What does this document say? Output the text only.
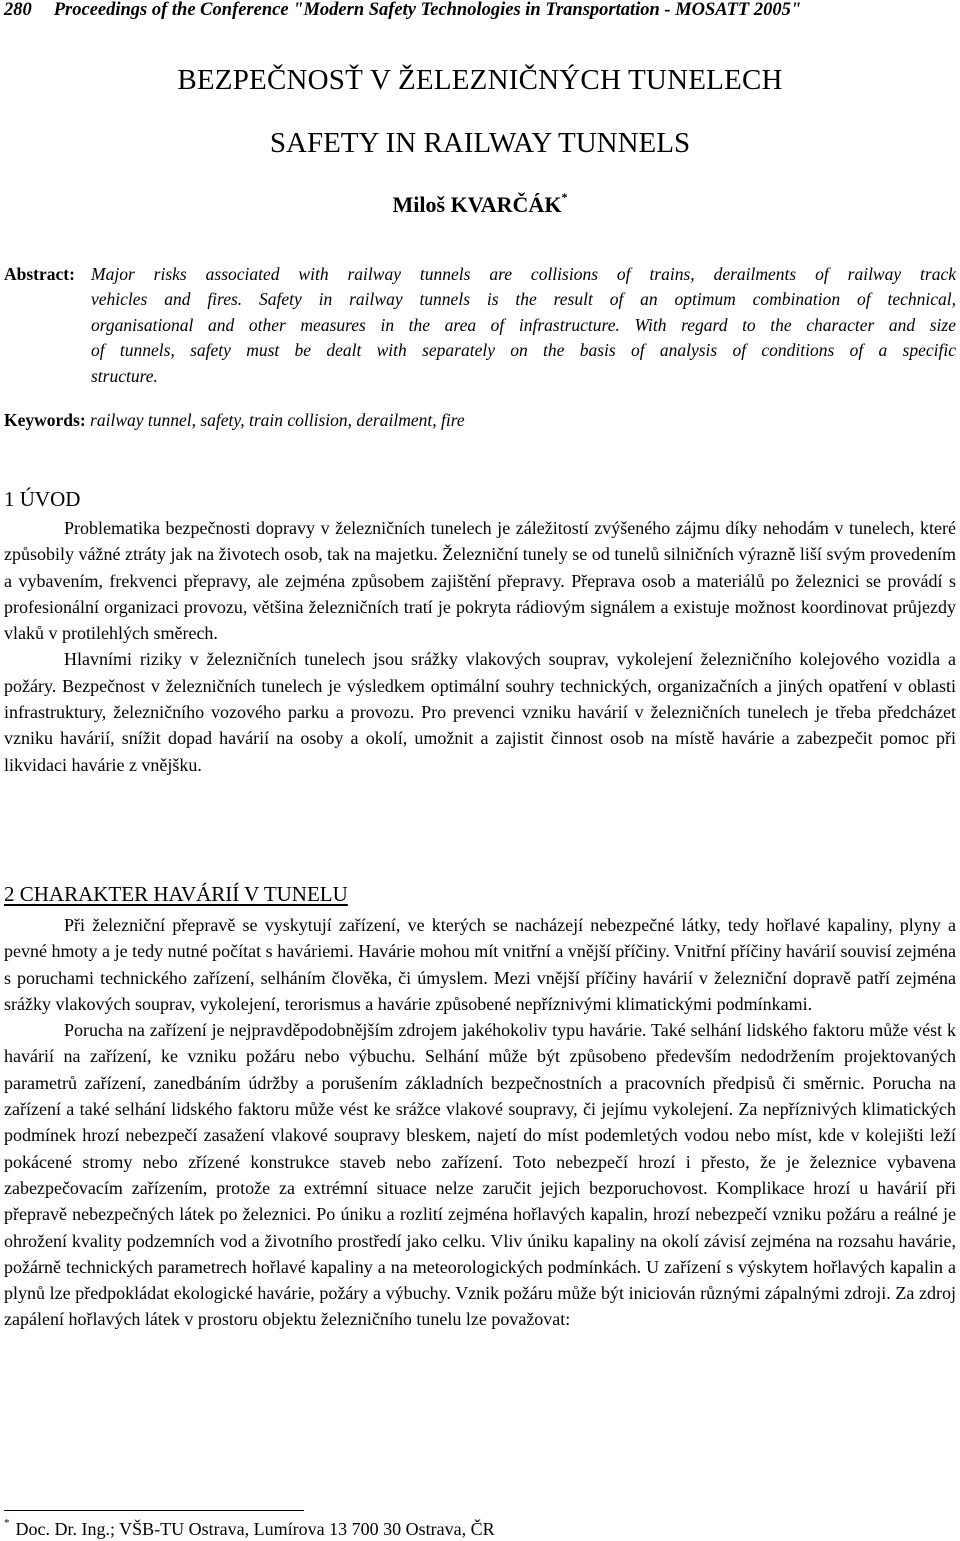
280 Proceedings of the Conference "Modern Safety Technologies in Transportation - MOSATT 2005"
BEZPEČNOSŤ V ŽELEZNIČNÝCH TUNELECH
SAFETY IN RAILWAY TUNNELS
Miloš KVARČÁK*
Abstract: Major risks associated with railway tunnels are collisions of trains, derailments of railway track
vehicles and fires. Safety in railway tunnels is the result of an optimum combination of technical,
organisational and other measures in the area of infrastructure. With regard to the character and size
of tunnels, safety must be dealt with separately on the basis of analysis of conditions of a specific
structure.
Keywords: railway tunnel, safety, train collision, derailment, fire
1 ÚVOD

Problematika bezpečnosti dopravy v železničních tunelech je záležitostí zvýšeného zájmu díky nehodám v tunelech, které způsobily vážné ztráty jak na životech osob, tak na majetku. Železniční tunely se od tunelů silničních výrazně liší svým provedením a vybavením, frekvenci přepravy, ale zejména způsobem zajištění přepravy. Přeprava osob a materiálů po železnici se provádí s profesionální organizaci provozu, většina železničních tratí je pokryta rádiovým signálem a existuje možnost koordinovat průjezdy vlaků v protilehlých směrech.

Hlavními riziky v železničních tunelech jsou srážky vlakových souprav, vykolejení železničního kolejového vozidla a požáry. Bezpečnost v železničních tunelech je výsledkem optimální souhry technických, organizačních a jiných opatření v oblasti infrastruktury, železničního vozového parku a provozu. Pro prevenci vzniku havárií v železničních tunelech je třeba předcházet vzniku havárií, snížit dopad havárií na osoby a okolí, umožnit a zajistit činnost osob na místě havárie a zabezpečit pomoc při likvidaci havárie z vnějšku.

2 CHARAKTER HAVÁRIÍ V TUNELU

Při železniční přepravě se vyskytují zařízení, ve kterých se nacházejí nebezpečné látky, tedy hořlavé kapaliny, plyny a pevné hmoty a je tedy nutné počítat s haváriemi. Havárie mohou mít vnitřní a vnější příčiny. Vnitřní příčiny havárií souvisí zejména s poruchami technického zařízení, selháním člověka, či úmyslem. Mezi vnější příčiny havárií v železniční dopravě patří zejména srážky vlakových souprav, vykolejení, terorismus a havárie způsobené nepříznivými klimatickými podmínkami.

Porucha na zařízení je nejpravděpodobnějším zdrojem jakéhokoliv typu havárie. Také selhání lidského faktoru může vést k havárií na zařízení, ke vzniku požáru nebo výbuchu. Selhání může být způsobeno především nedodržením projektovaných parametrů zařízení, zanedbáním údržby a porušením základních bezpečnostních a pracovních předpisů či směrnic. Porucha na zařízení a také selhání lidského faktoru může vést ke srážce vlakové soupravy, či jejímu vykolejení. Za nepříznivých klimatických podmínek hrozí nebezpečí zasažení vlakové soupravy bleskem, najetí do míst podemletých vodou nebo míst, kde v kolejišti leží pokácené stromy nebo zřízené konstrukce staveb nebo zařízení. Toto nebezpečí hrozí i přesto, že je železnice vybavena zabezpečovacím zařízením, protože za extrémní situace nelze zaručit jejich bezporuchovost. Komplikace hrozí u havárií při přepravě nebezpečných látek po železnici. Po úniku a rozlití zejména hořlavých kapalin, hrozí nebezpečí vzniku požáru a reálné je ohrožení kvality podzemních vod a životního prostředí jako celku. Vliv úniku kapaliny na okolí závisí zejména na rozsahu havárie, požárně technických parametrech hořlavé kapaliny a na meteorologických podmínkách. U zařízení s výskytem hořlavých kapalin a plynů lze předpokládat ekologické havárie, požáry a výbuchy. Vznik požáru může být iniciován různými zápalnými zdroji. Za zdroj zapálení hořlavých látek v prostoru objektu železničního tunelu lze považovat:

* Doc. Dr. Ing.; VŠB-TU Ostrava, Lumírova 13 700 30 Ostrava, ČR
